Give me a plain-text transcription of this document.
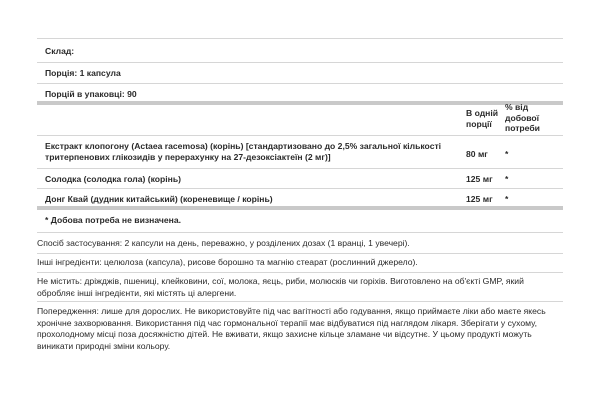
Склад:
Порція: 1 капсула
Порцій в упаковці: 90
В одній порції
% від добової потреби
Екстракт клопогону (Actaea racemosa) (корінь) [стандартизовано до 2,5% загальної кількості тритерпенових глікозидів у перерахунку на 27-дезоксіактеїн (2 мг)]	80 мг *
Солодка (солодка гола) (корінь)	125 мг *
Донг Квай (дудник китайський) (кореневище / корінь)	125 мг *
* Добова потреба не визначена.
Спосіб застосування: 2 капсули на день, переважно, у розділених дозах (1 вранці, 1 увечері).
Інші інгредієнти: целюлоза (капсула), рисове борошно та магнію стеарат (рослинний джерело).
Не містить: дріжджів, пшениці, клейковини, сої, молока, яєць, риби, молюсків чи горіхів. Виготовлено на об'єкті GMP, який обробляє інші інгредієнти, які містять ці алергени.
Попередження: лише для дорослих. Не використовуйте під час вагітності або годування, якщо приймаєте ліки або маєте якесь хронічне захворювання. Використання під час гормональної терапії має відбуватися під наглядом лікаря. Зберігати у сухому, прохолодному місці поза досяжністю дітей. Не вживати, якщо захисне кільце зламане чи відсутнє. У цьому продукті можуть виникати природні зміни кольору.
